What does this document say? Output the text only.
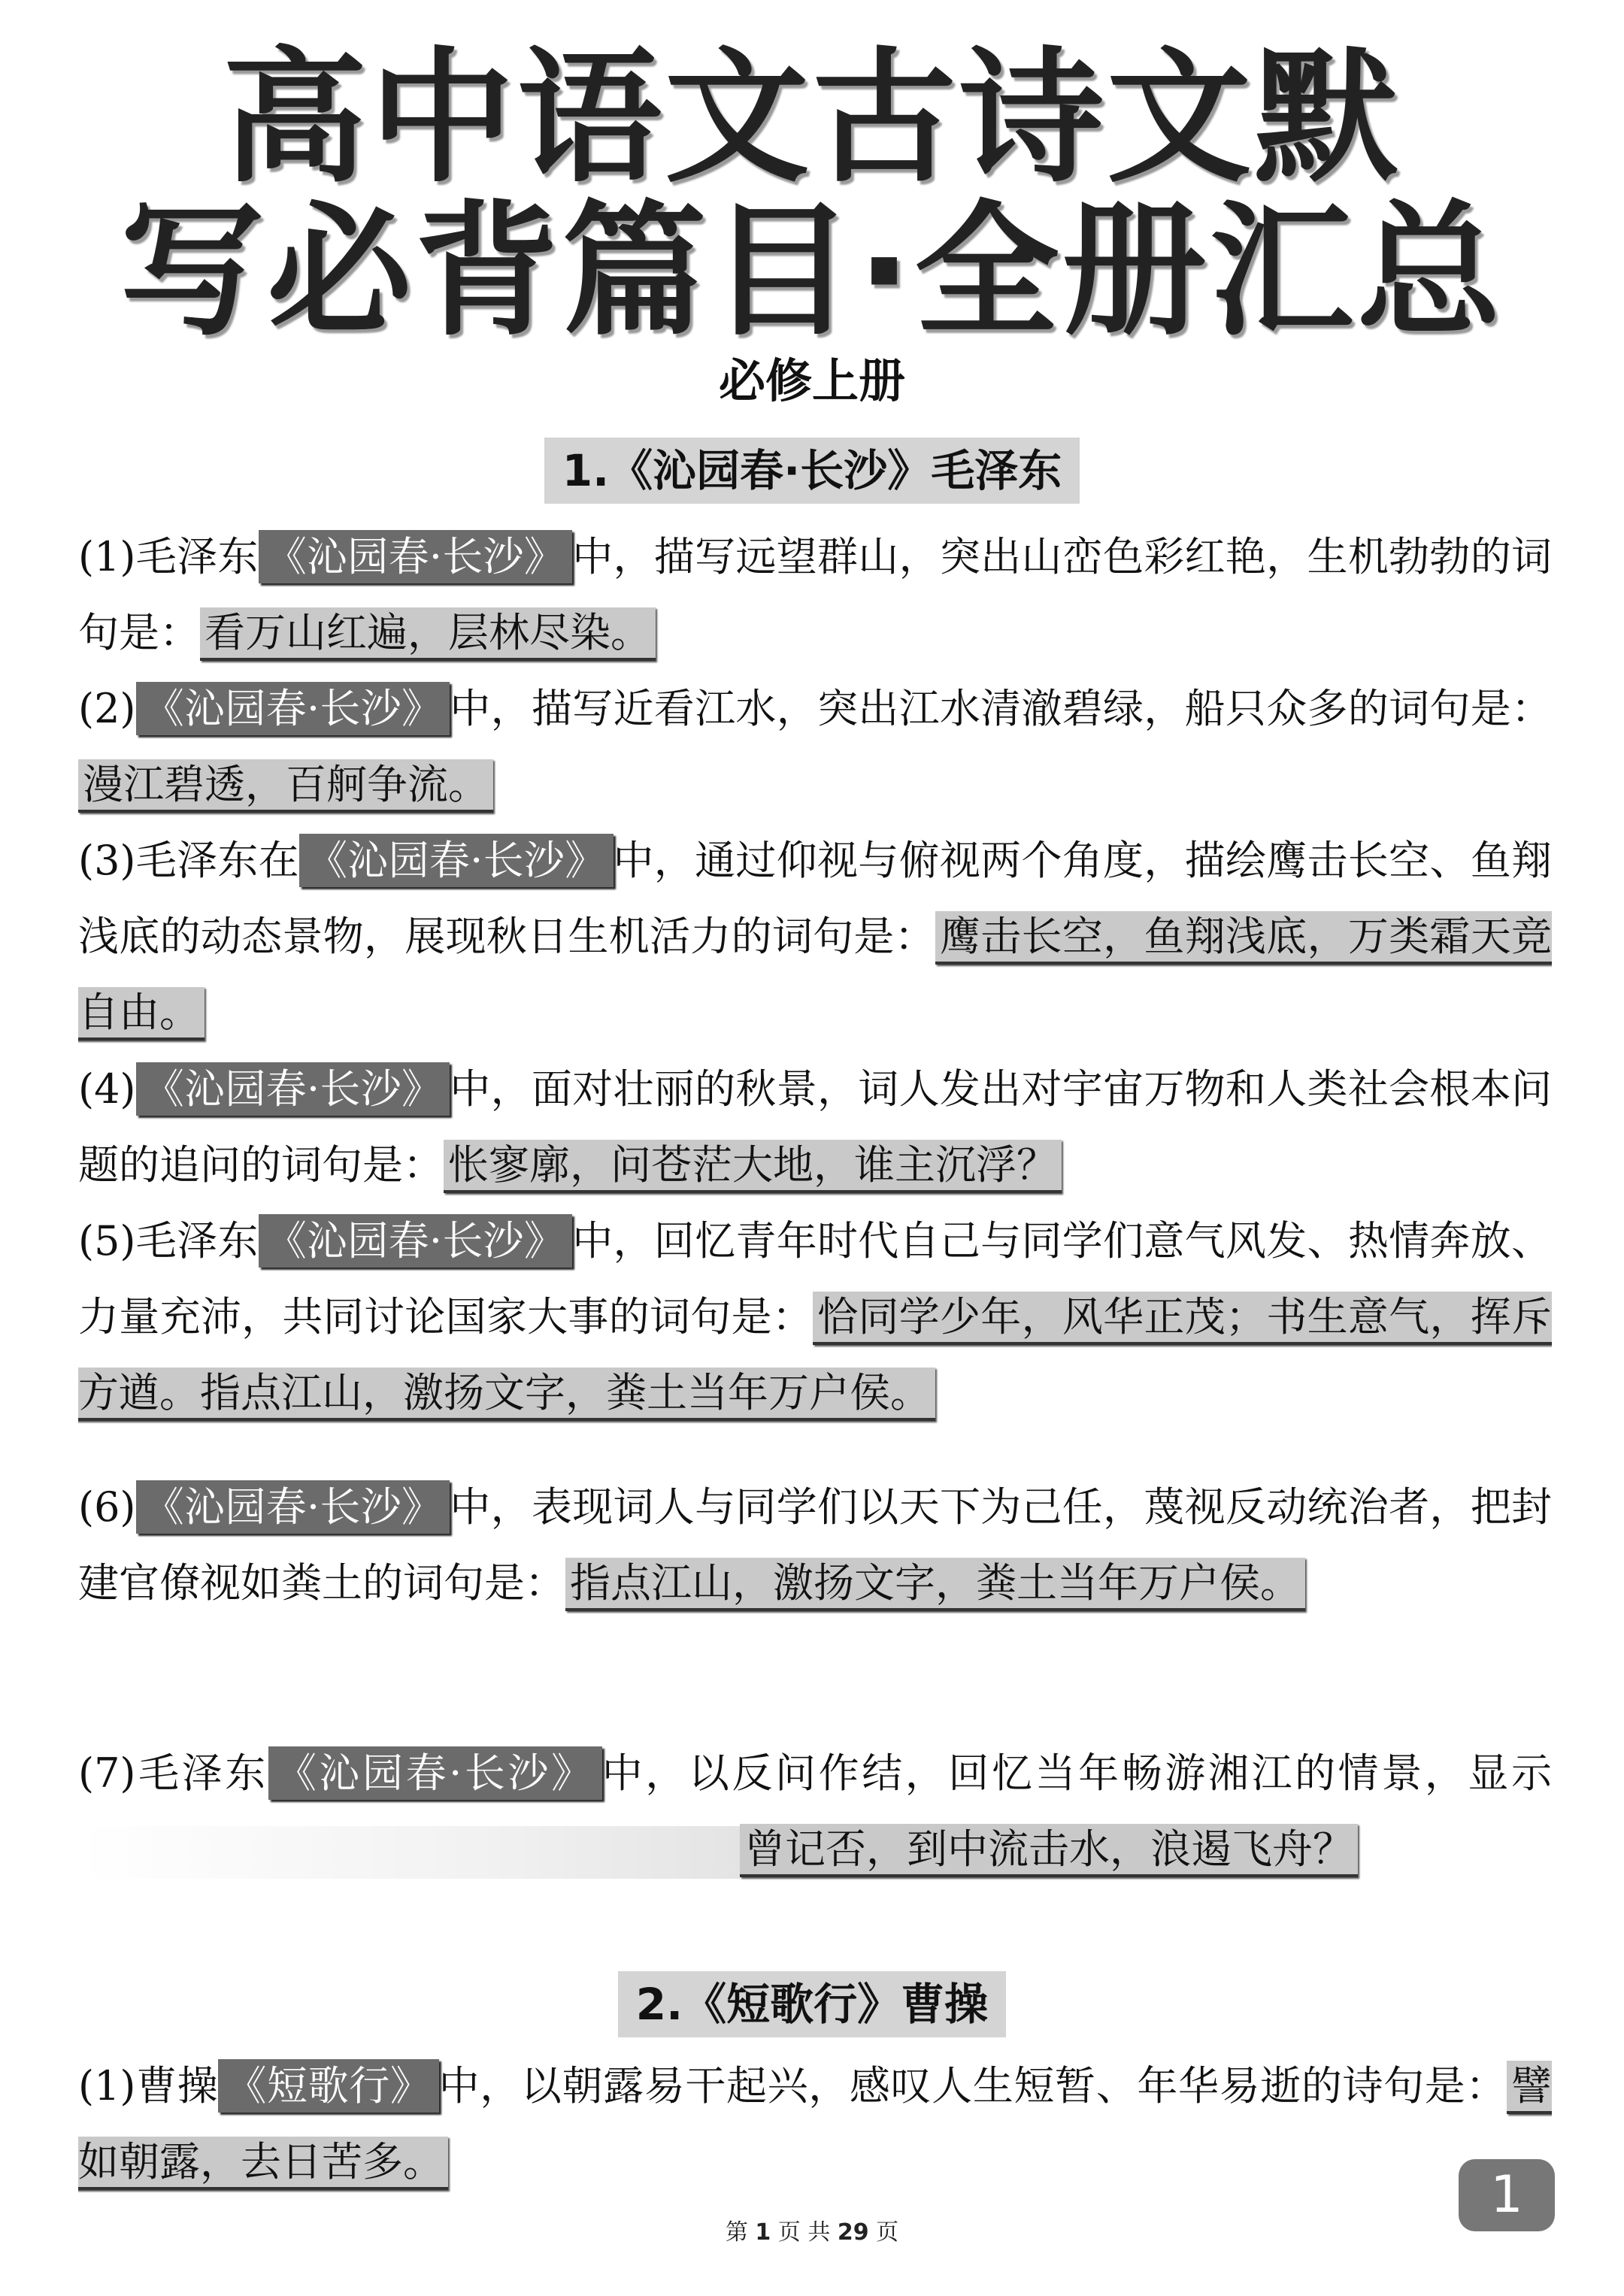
高中语文古诗文默
写必背篇目·全册汇总
必修上册
1.《沁园春·长沙》毛泽东

(1)毛泽东 《沁园春·长沙》 中，描写远望群山，突出山峦色彩红艳，生机勃勃的词句是： 看万山红遍，层林尽染。

(2) 《沁园春·长沙》 中，描写近看江水，突出江水清澈碧绿，船只众多的词句是：漫江碧透，百舸争流。

(3)毛泽东在 《沁园春·长沙》 中，通过仰视与俯视两个角度，描绘鹰击长空、鱼翔浅底的动态景物，展现秋日生机活力的词句是： 鹰击长空，鱼翔浅底，万类霜天竞自由。

(4) 《沁园春·长沙》 中，面对壮丽的秋景，词人发出对宇宙万物和人类社会根本问题的追问的词句是： 怅寥廓，问苍茫大地，谁主沉浮？

(5)毛泽东 《沁园春·长沙》 中，回忆青年时代自己与同学们意气风发、热情奔放、力量充沛，共同讨论国家大事的词句是： 恰同学少年，风华正茂；书生意气，挥斥方遒。指点江山，激扬文字，粪土当年万户侯。

(6) 《沁园春·长沙》 中，表现词人与同学们以天下为己任，蔑视反动统治者，把封建官僚视如粪土的词句是： 指点江山，激扬文字，粪土当年万户侯。

(7)毛泽东 《沁园春·长沙》 中，以反问作结，回忆当年畅游湘江的情景，显示曾记否，到中流击水，浪遏飞舟？

2.《短歌行》曹操

(1)曹操 《短歌行》 中，以朝露易干起兴，感叹人生短暂、年华易逝的诗句是： 譬如朝露，去日苦多。

1
第 1 页 共 29 页
